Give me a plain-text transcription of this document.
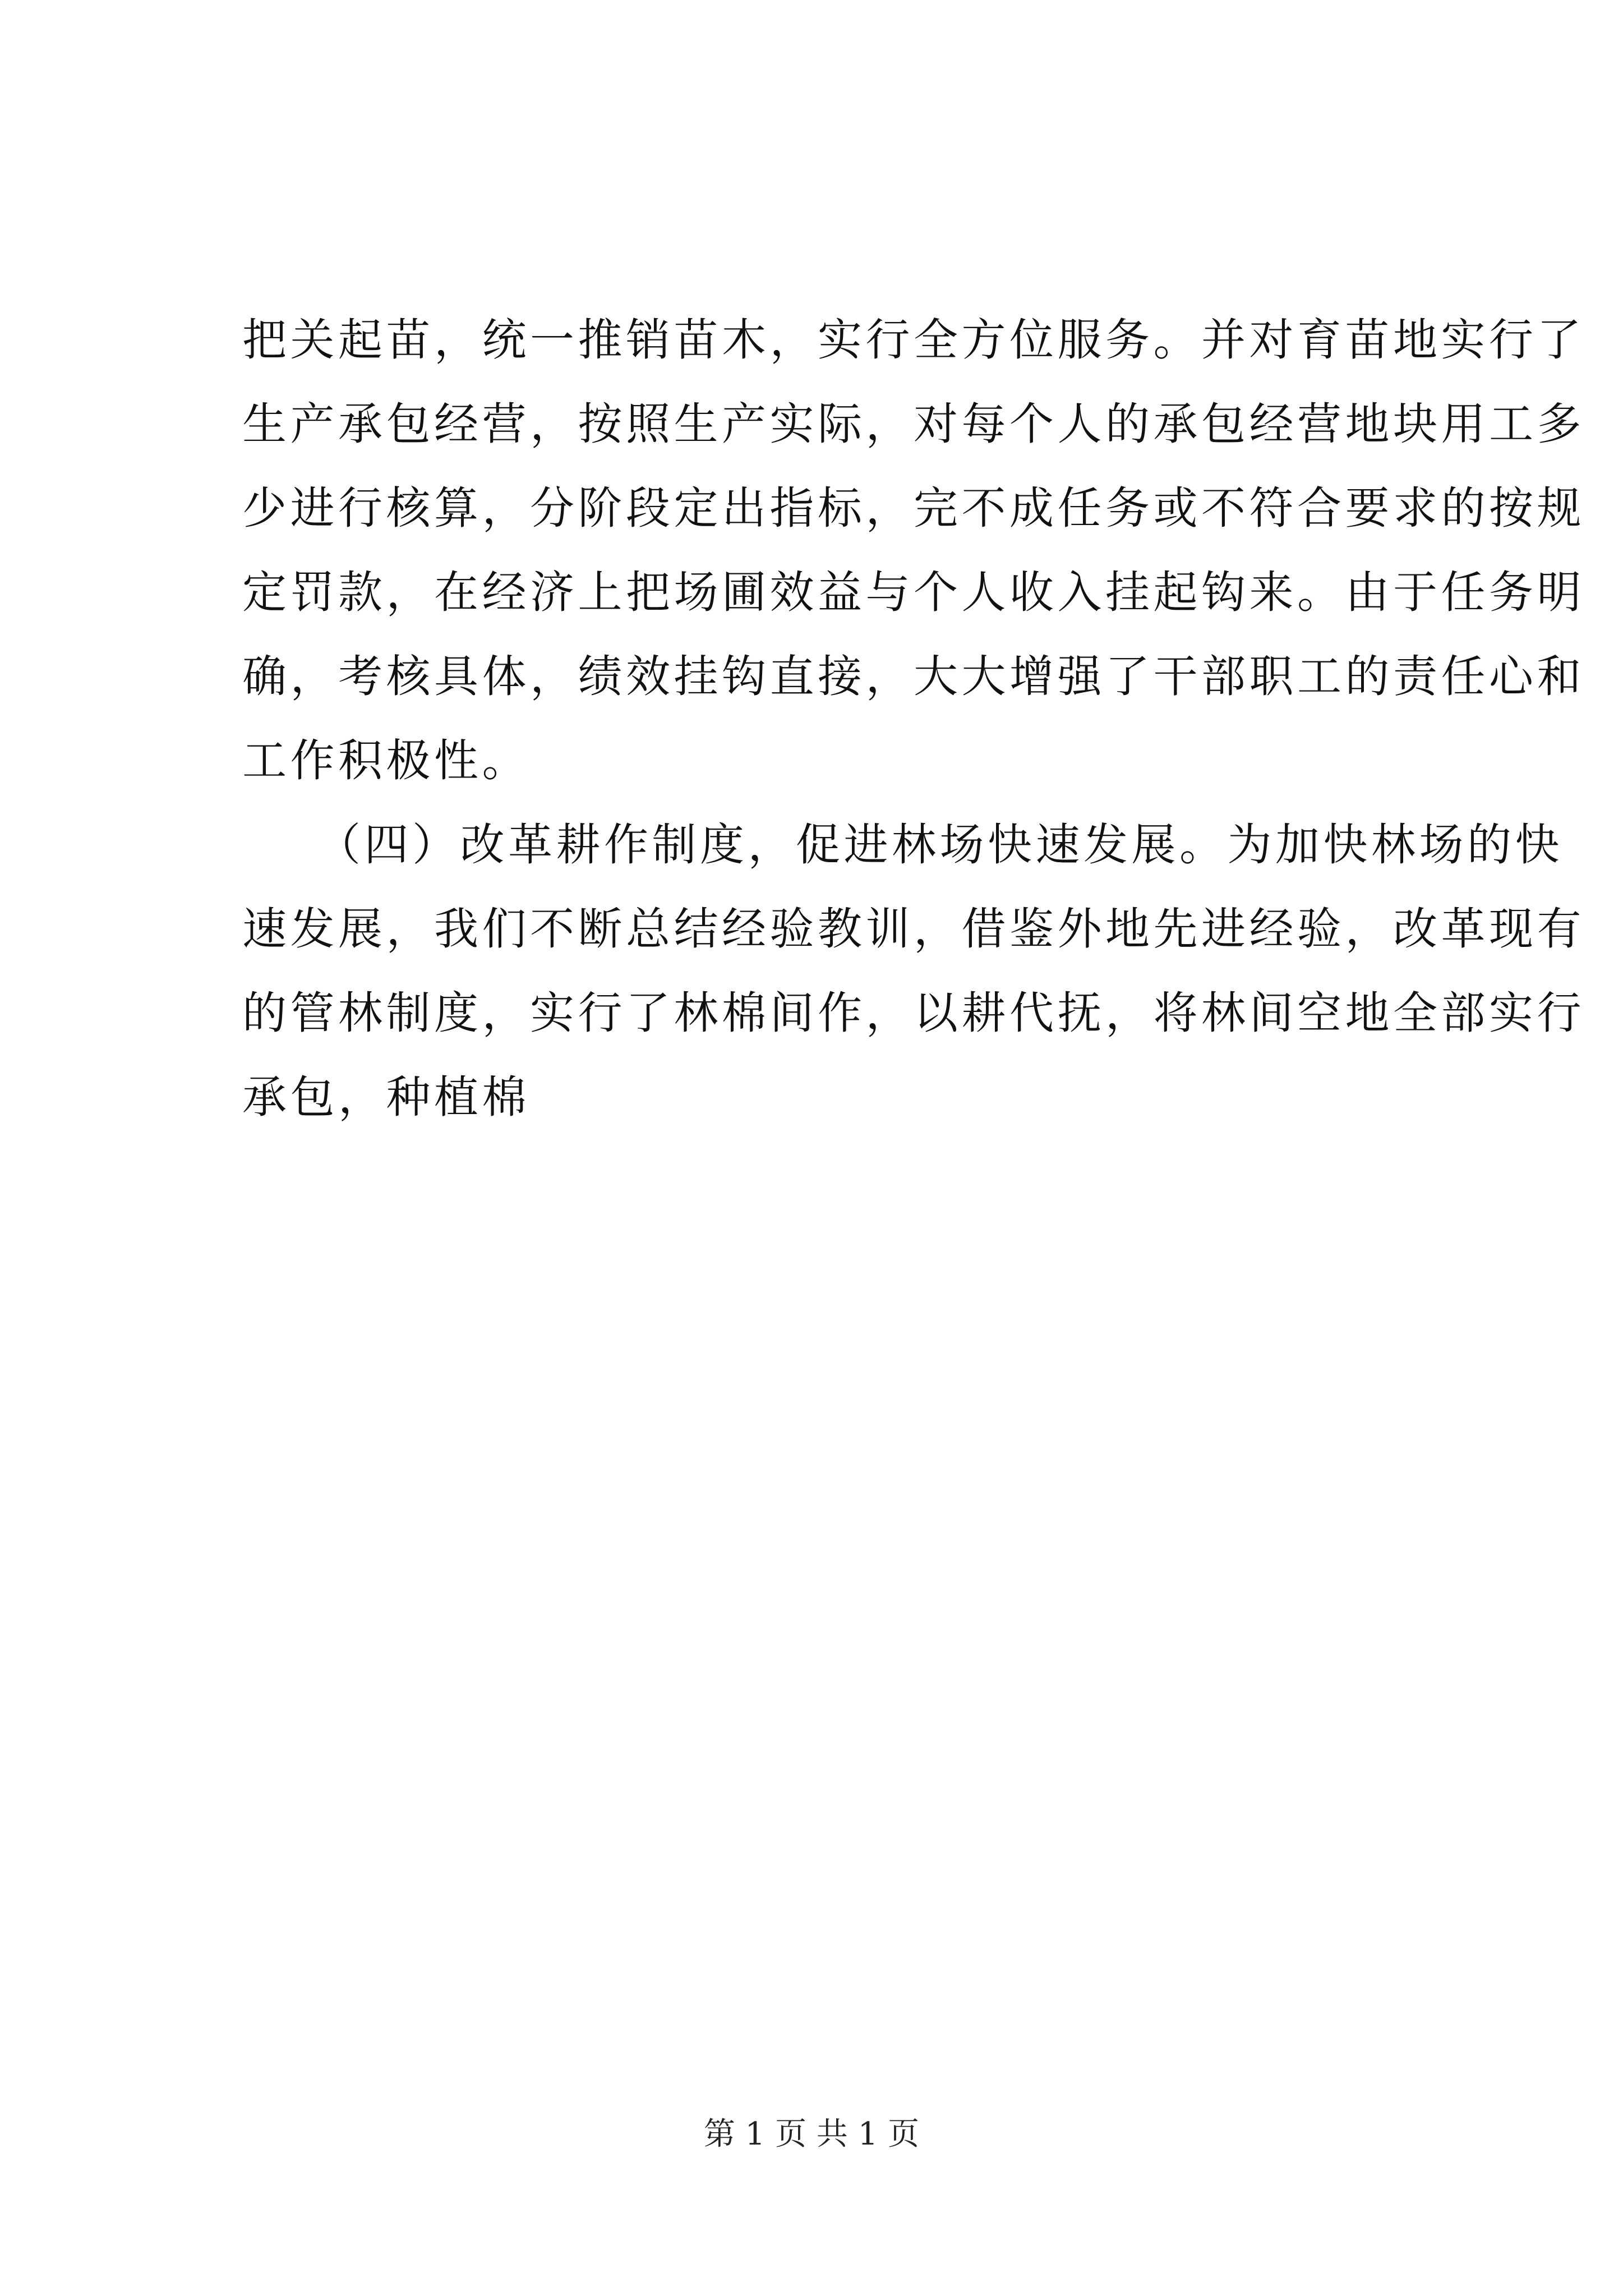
把关起苗，统一推销苗木，实行全方位服务。并对育苗地实行了
生产承包经营，按照生产实际，对每个人的承包经营地块用工多
少进行核算，分阶段定出指标，完不成任务或不符合要求的按规
定罚款，在经济上把场圃效益与个人收入挂起钩来。由于任务明
确，考核具体，绩效挂钩直接，大大增强了干部职工的责任心和
工作积极性。
（四）改革耕作制度，促进林场快速发展。为加快林场的快
速发展，我们不断总结经验教训，借鉴外地先进经验，改革现有
的管林制度，实行了林棉间作，以耕代抚，将林间空地全部实行
承包，种植棉
第 1 页 共 1 页
